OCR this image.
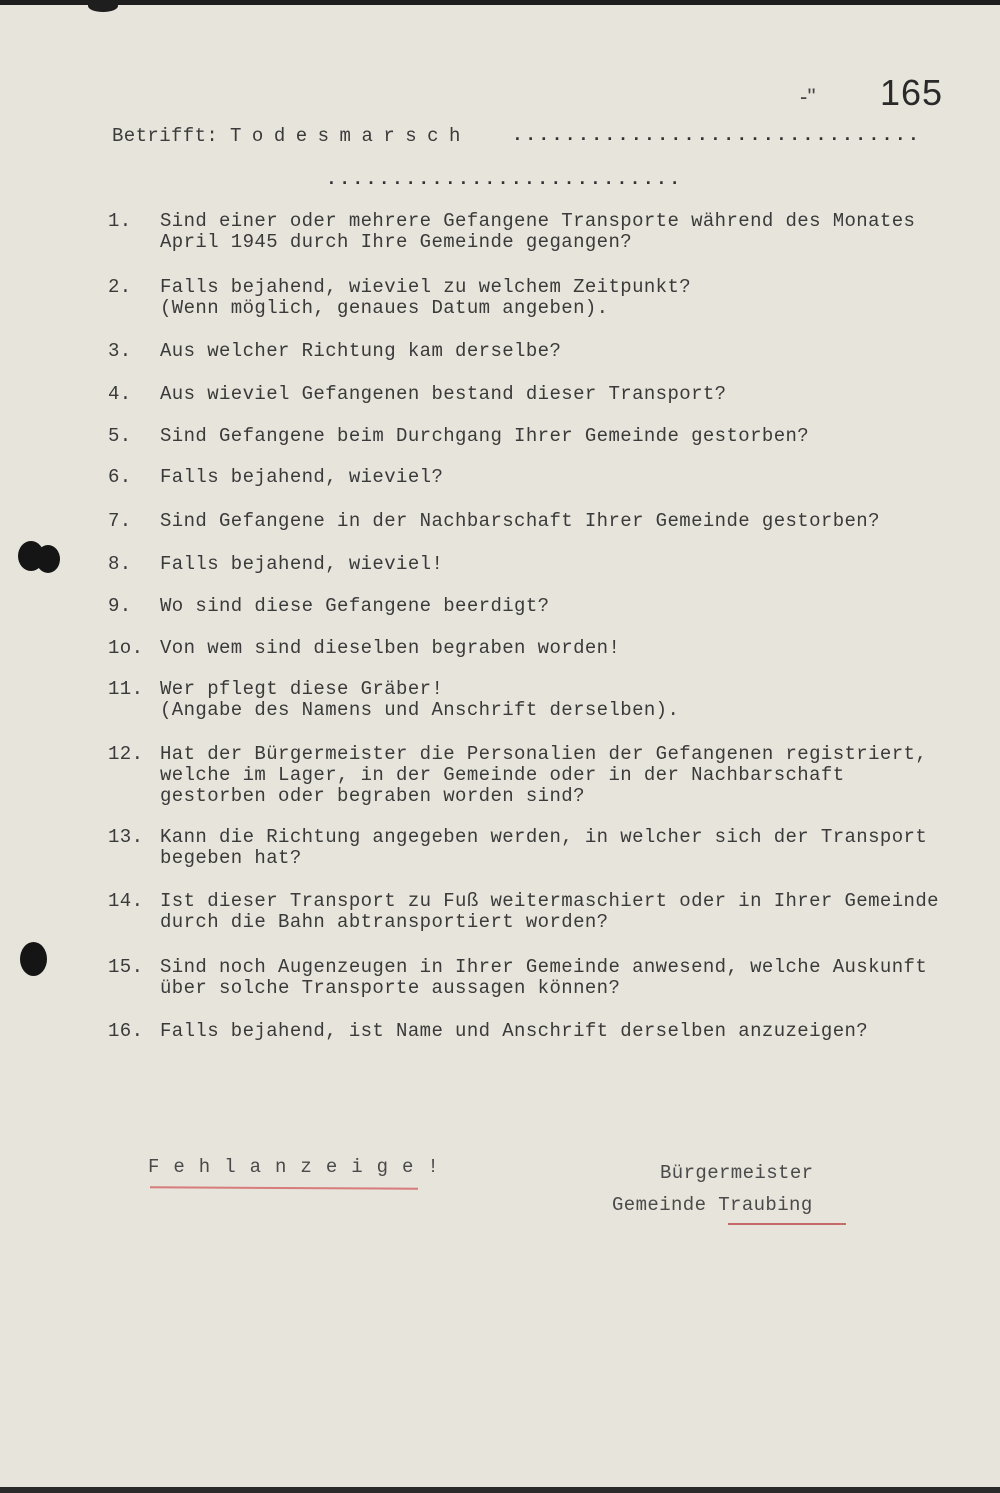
-'' 165
Betrifft: Todesmarsch ...............................
...........................
1.	Sind einer oder mehrere Gefangene Transporte während des Monates
April 1945 durch Ihre Gemeinde gegangen?
2.	Falls bejahend, wieviel zu welchem Zeitpunkt?
(Wenn möglich, genaues Datum angeben).
3.	Aus welcher Richtung kam derselbe?
4.	Aus wieviel Gefangenen bestand dieser Transport?
5.	Sind Gefangene beim Durchgang Ihrer Gemeinde gestorben?
6.	Falls bejahend, wieviel?
7.	Sind Gefangene in der Nachbarschaft Ihrer Gemeinde gestorben?
8.	Falls bejahend, wieviel!
9.	Wo sind diese Gefangene beerdigt?
1o. Von wem sind dieselben begraben worden!
11. Wer pflegt diese Gräber!
(Angabe des Namens und Anschrift derselben).
12. Hat der Bürgermeister die Personalien der Gefangenen registriert,
welche im Lager, in der Gemeinde oder in der Nachbarschaft
gestorben oder begraben worden sind?
13. Kann die Richtung angegeben werden, in welcher sich der Transport
begeben hat?
14. Ist dieser Transport zu Fuß weitermaschiert oder in Ihrer Gemeinde
durch die Bahn abtransportiert worden?
15. Sind noch Augenzeugen in Ihrer Gemeinde anwesend, welche Auskunft
über solche Transporte aussagen können?
16. Falls bejahend, ist Name und Anschrift derselben anzuzeigen?
Fehlanzeige!	Bürgermeister
Gemeinde Traubing
